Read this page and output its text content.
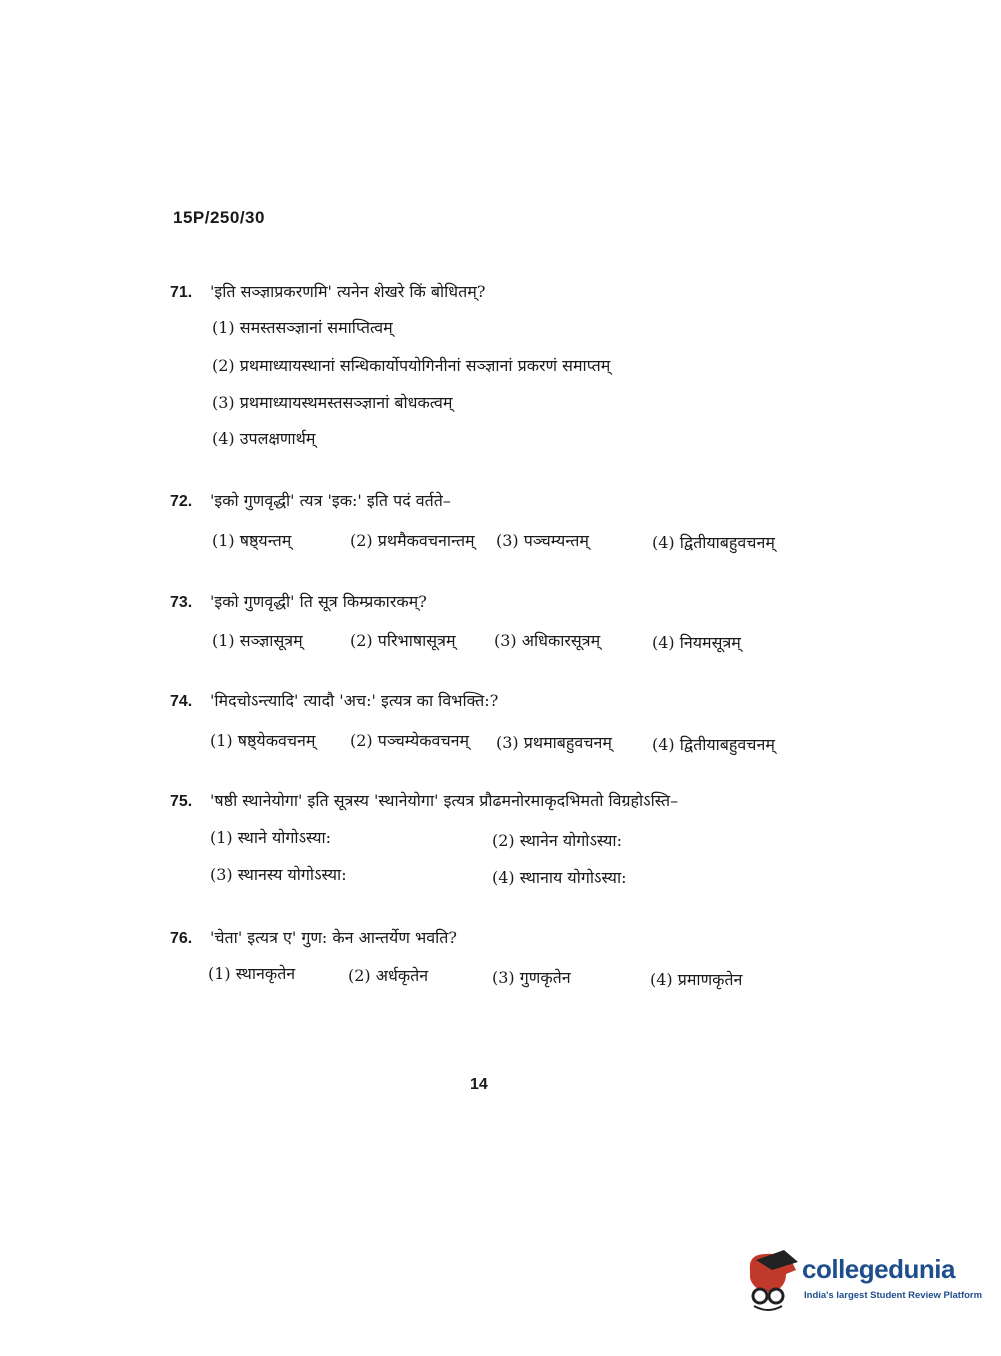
15P/250/30
71. 'इति सञ्ज्ञाप्रकरणमि' त्यनेन शेखरे किं बोधितम्?
(1) समस्तसञ्ज्ञानां समाप्तित्वम्
(2) प्रथमाध्यायस्थानां सन्धिकार्योपयोगिनीनां सञ्ज्ञानां प्रकरणं समाप्तम्
(3) प्रथमाध्यायस्थमस्तसञ्ज्ञानां बोधकत्वम्
(4) उपलक्षणार्थम्
72. 'इको गुणवृद्धी' त्यत्र 'इक:' इति पदं वर्तते–
(1) षष्ठ्यन्तम्	(2) प्रथमैकवचनान्तम् (3) पञ्चम्यन्तम्	(4) द्वितीयाबहुवचनम्
73. 'इको गुणवृद्धी' ति सूत्र किम्प्रकारकम्?
(1) सञ्ज्ञासूत्रम्	(2) परिभाषासूत्रम् (3) अधिकारसूत्रम्	(4) नियमसूत्रम्
74. 'मिदचोऽन्त्यादि' त्यादौ 'अच:' इत्यत्र का विभक्ति:?
(1) षष्ठ्येकवचनम् (2) पञ्चम्येकवचनम् (3) प्रथमाबहुवचनम्	(4) द्वितीयाबहुवचनम्
75. 'षष्ठी स्थानेयोगा' इति सूत्रस्य 'स्थानेयोगा' इत्यत्र प्रौढमनोरमाकृदभिमतो विग्रहोऽस्ति–
(1) स्थाने योगोऽस्या:	(2) स्थानेन योगोऽस्या:
(3) स्थानस्य योगोऽस्या:	(4) स्थानाय योगोऽस्या:
76. 'चेता' इत्यत्र ए' गुण: केन आन्तर्येण भवति?
(1) स्थानकृतेन	(2) अर्धकृतेन	(3) गुणकृतेन	(4) प्रमाणकृतेन
14
collegedunia
India's largest Student Review Platform
